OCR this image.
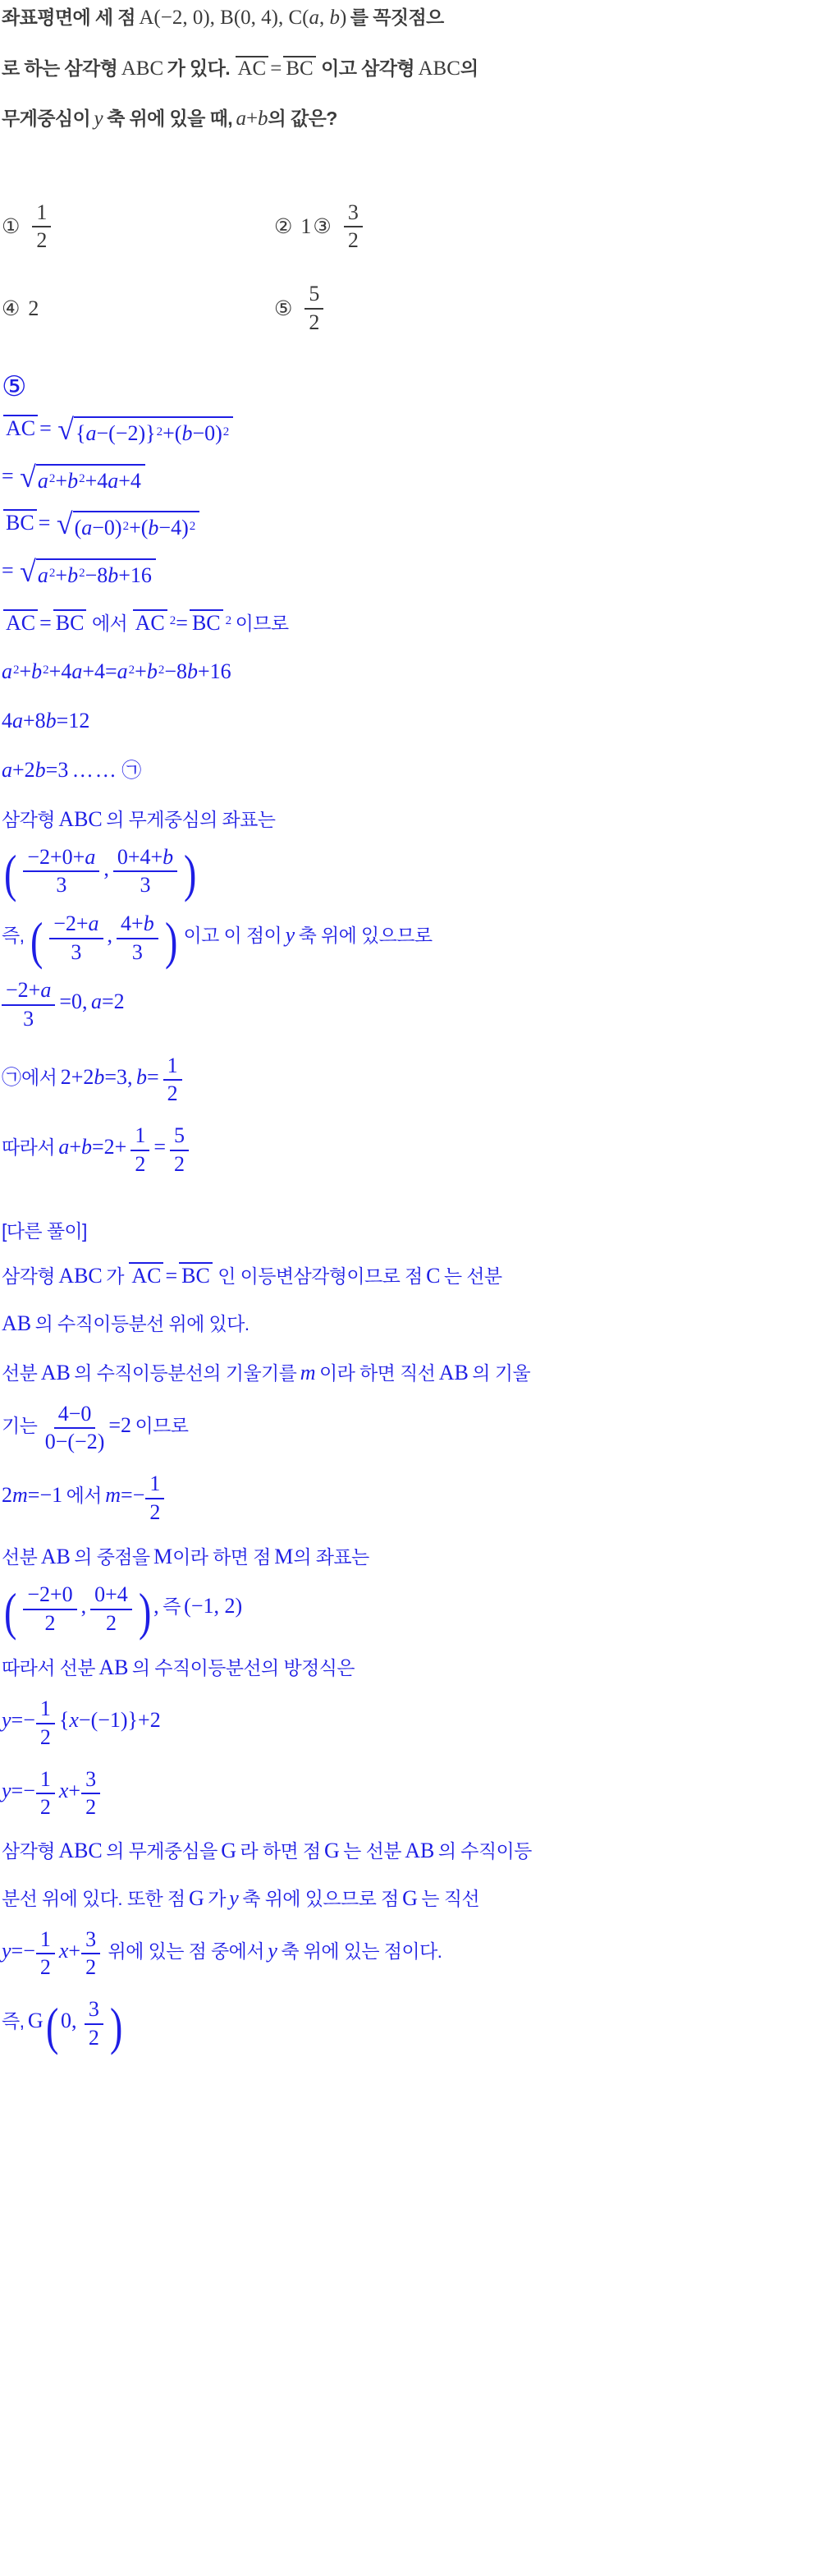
좌표평면에 세 점 A(−2, 0), B(0, 4), C(a, b) 를 꼭짓점으
로 하는 삼각형 ABC 가 있다. AC = BC 이고 삼각형 ABC의
무게중심이 y 축 위에 있을 때, a+b의 값은?
① $\frac{1}{2}$	② 1 ③ $\frac{3}{2}$
④ 2	⑤ $\frac{5}{2}$
⑤
AC = √ {a−(−2)}2+(b−0)2
= √ a2+b2+4a+4
BC = √ (a−0)2+(b−4)2
= √ a2+b2−8b+16
AC = BC 에서 AC 2= BC 2 이므로
a2+b2+4a+4=a2+b2−8b+16
4a+8b=12
a+2b=3 …… ㉠
삼각형 ABC 의 무게중심의 좌표는
( $\frac{-2+0+a}{3}$ , $\frac{0+4+b}{3}$ )
즉, ( $\frac{-2+a}{3}$ , $\frac{4+b}{3}$ ) 이고 이 점이 y 축 위에 있으므로
$\frac{-2+a}{3} =0$, a=2
㉠에서 2+2b=3, $b= \frac{1}{2}$
따라서 $a+b=2+ \frac{1}{2} = \frac{5}{2}$
[다른 풀이]
삼각형 ABC 가 AC = BC 인 이등변삼각형이므로 점 C 는 선분
AB 의 수직이등분선 위에 있다.
선분 AB 의 수직이등분선의 기울기를 m 이라 하면 직선 AB 의 기울
기는 $\frac{4-0}{0-(-2)} =2$ 이므로
2m=−1 에서 $m=- \frac{1}{2}$
선분 AB 의 중점을 M이라 하면 점 M의 좌표는
( $\frac{-2+0}{2}$ , $\frac{0+4}{2}$ ) , 즉 (−1, 2)
따라서 선분 AB 의 수직이등분선의 방정식은
$y=- \frac{1}{2} \{x-(-1)\}+2$
$y=- \frac{1}{2} x+ \frac{3}{2}$
삼각형 ABC 의 무게중심을 G 라 하면 점 G 는 선분 AB 의 수직이등
분선 위에 있다. 또한 점 G 가 y 축 위에 있으므로 점 G 는 직선
$y=- \frac{1}{2} x+ \frac{3}{2}$ 위에 있는 점 중에서 y 축 위에 있는 점이다.
즉, G( 0, $\frac{3}{2}$ )
